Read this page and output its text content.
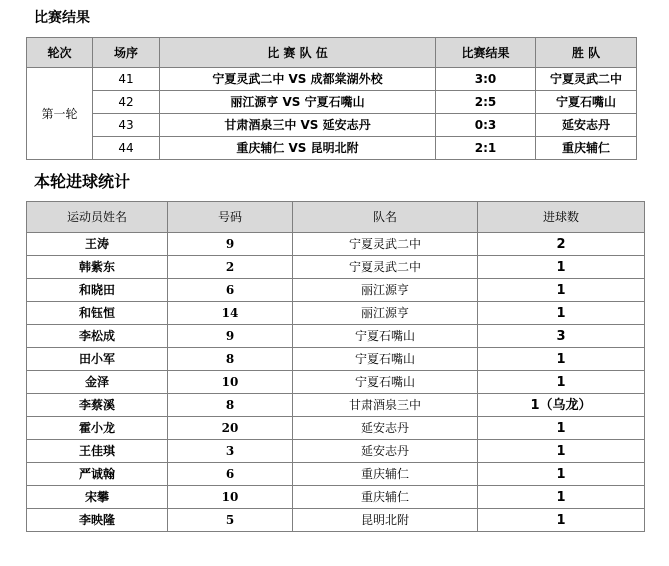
比赛结果
轮次	场序	比 赛 队 伍	比赛结果	胜 队
第一轮	41	宁夏灵武二中 VS 成都棠湖外校	3:0	宁夏灵武二中
	42	丽江源亨 VS 宁夏石嘴山	2:5	宁夏石嘴山
	43	甘肃酒泉三中 VS 延安志丹	0:3	延安志丹
	44	重庆辅仁 VS 昆明北附	2:1	重庆辅仁
本轮进球统计
运动员姓名	号码	队名	进球数
王涛	9	宁夏灵武二中	2
韩紫东	2	宁夏灵武二中	1
和晓田	6	丽江源亨	1
和钰恒	14	丽江源亨	1
李松成	9	宁夏石嘴山	3
田小军	8	宁夏石嘴山	1
金泽	10	宁夏石嘴山	1
李蔡溪	8	甘肃酒泉三中	1（乌龙）
霍小龙	20	延安志丹	1
王佳琪	3	延安志丹	1
严诚翰	6	重庆辅仁	1
宋攀	10	重庆辅仁	1
李映隆	5	昆明北附	1
